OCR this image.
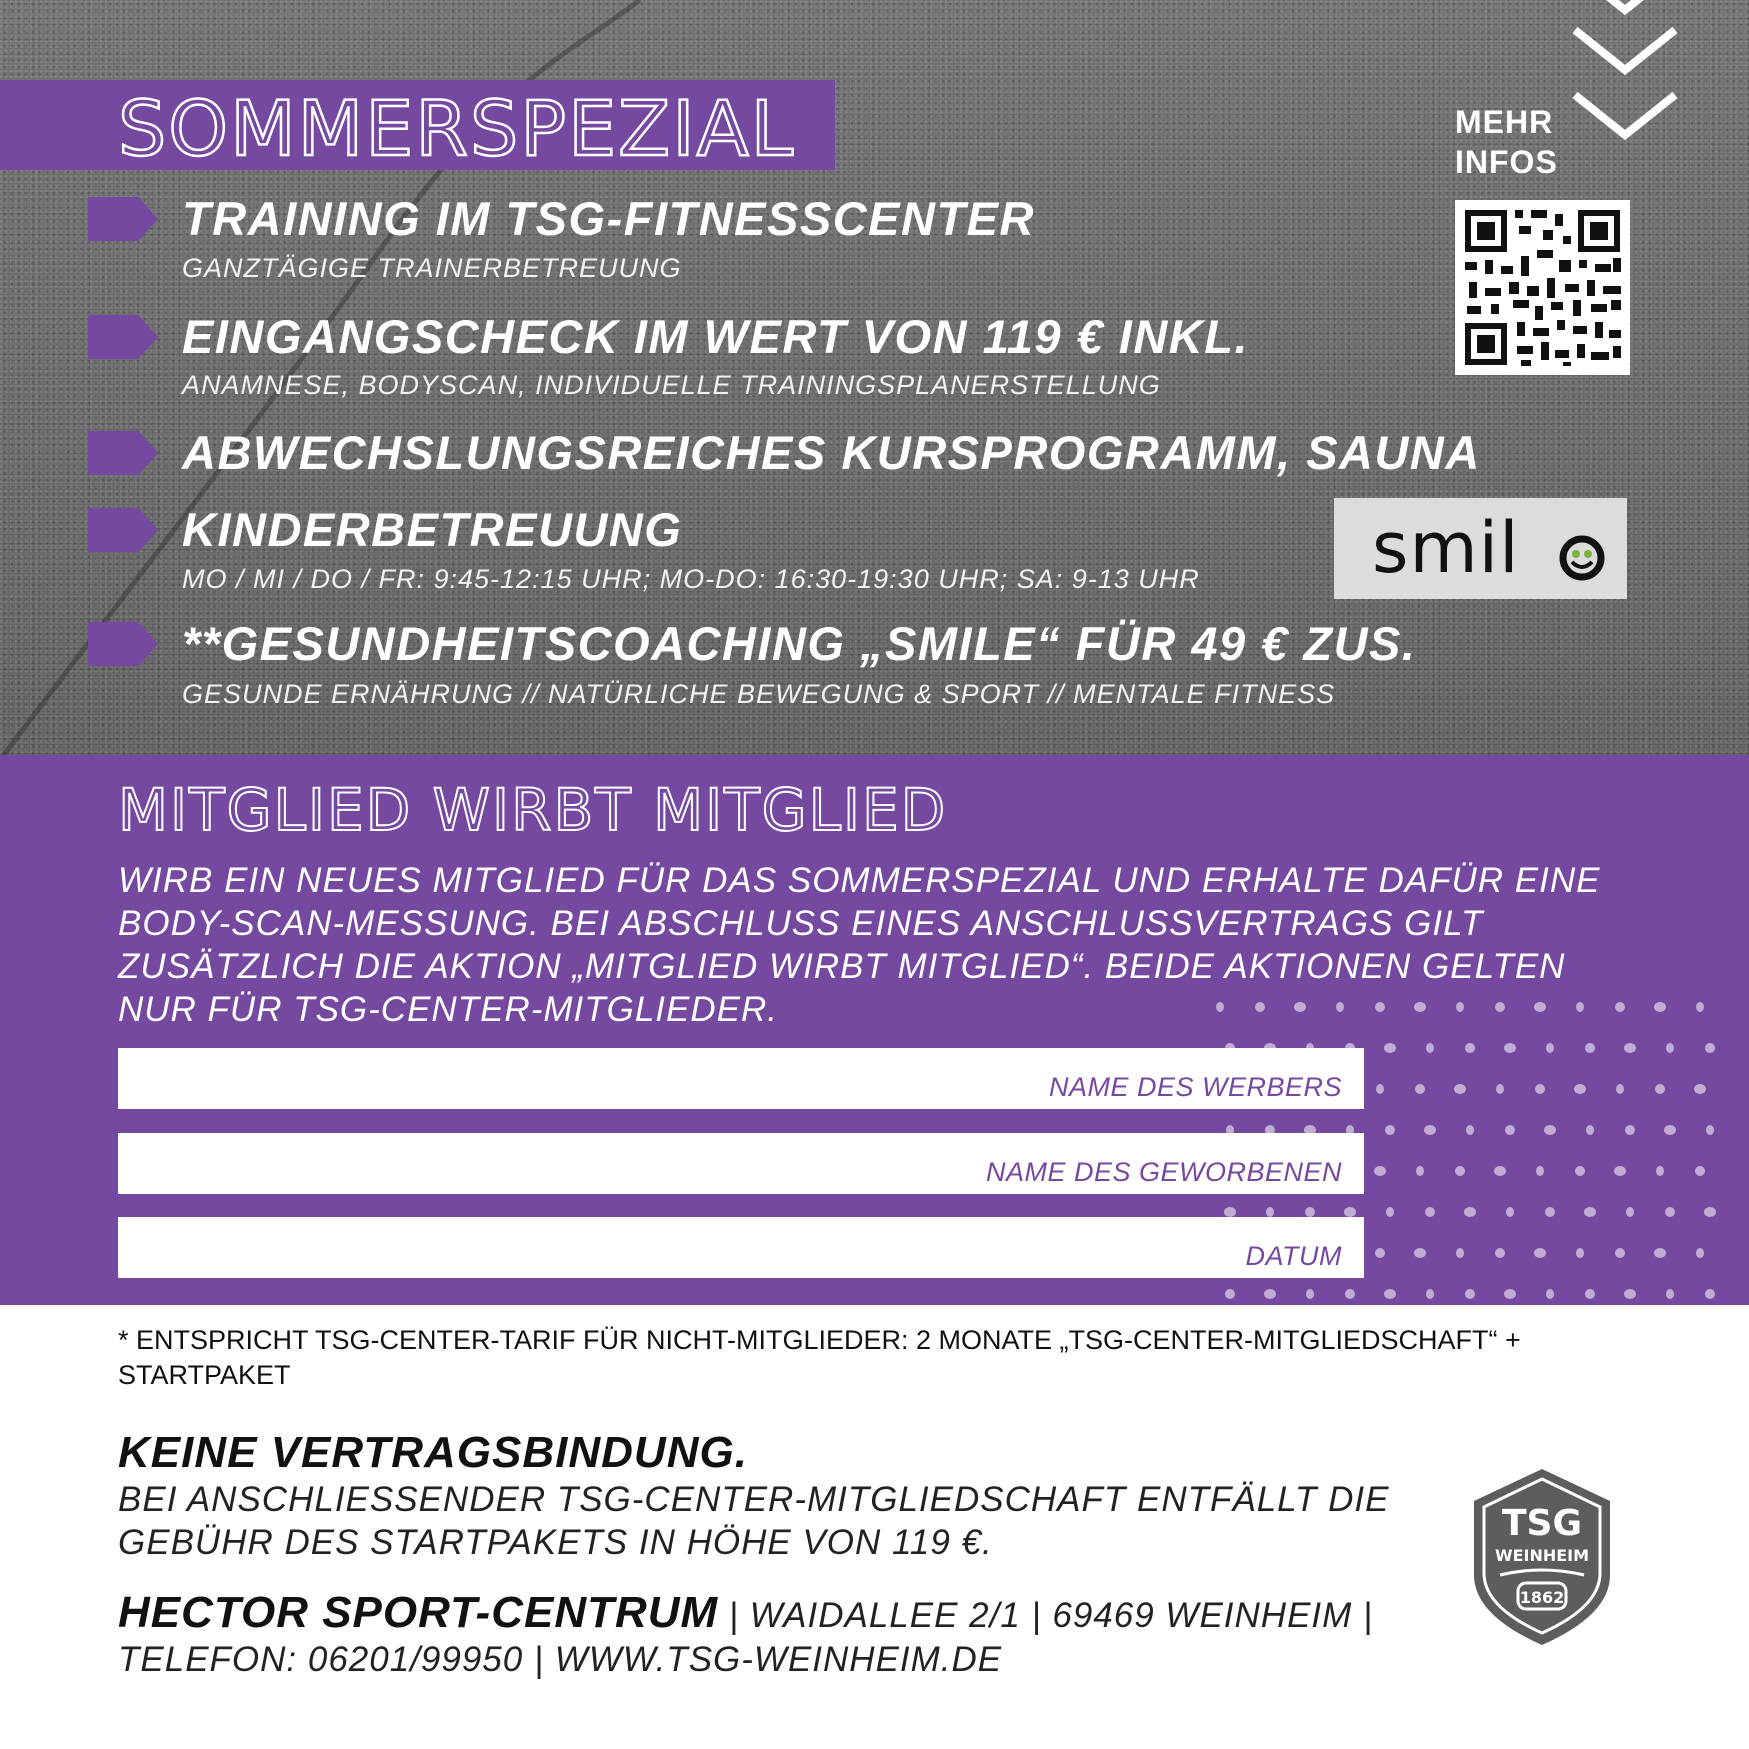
SOMMERSPEZIAL
TRAINING IM TSG-FITNESSCENTER
GANZTÄGIGE TRAINERBETREUUNG
EINGANGSCHECK IM WERT VON 119 € INKL.
ANAMNESE, BODYSCAN, INDIVIDUELLE TRAININGSPLANERSTELLUNG
ABWECHSLUNGSREICHES KURSPROGRAMM, SAUNA
KINDERBETREUUNG
MO / MI / DO / FR: 9:45-12:15 UHR; MO-DO: 16:30-19:30 UHR; SA: 9-13 UHR
**GESUNDHEITSCOACHING „SMILE“ FÜR 49 € ZUS.
GESUNDE ERNÄHRUNG // NATÜRLICHE BEWEGUNG & SPORT // MENTALE FITNESS
MEHR
INFOS
smil
MITGLIED WIRBT MITGLIED
WIRB EIN NEUES MITGLIED FÜR DAS SOMMERSPEZIAL UND ERHALTE DAFÜR EINE BODY-SCAN-MESSUNG. BEI ABSCHLUSS EINES ANSCHLUSSVERTRAGS GILT ZUSÄTZLICH DIE AKTION „MITGLIED WIRBT MITGLIED“. BEIDE AKTIONEN GELTEN NUR FÜR TSG-CENTER-MITGLIEDER.
NAME DES WERBERS
NAME DES GEWORBENEN
DATUM
* ENTSPRICHT TSG-CENTER-TARIF FÜR NICHT-MITGLIEDER: 2 MONATE „TSG-CENTER-MITGLIEDSCHAFT“ + STARTPAKET
KEINE VERTRAGSBINDUNG.
BEI ANSCHLIESSENDER TSG-CENTER-MITGLIEDSCHAFT ENTFÄLLT DIE GEBÜHR DES STARTPAKETS IN HÖHE VON 119 €.
HECTOR SPORT-CENTRUM | WAIDALLEE 2/1 | 69469 WEINHEIM |
TELEFON: 06201/99950 | WWW.TSG-WEINHEIM.DE
TSG
WEINHEIM
1862
